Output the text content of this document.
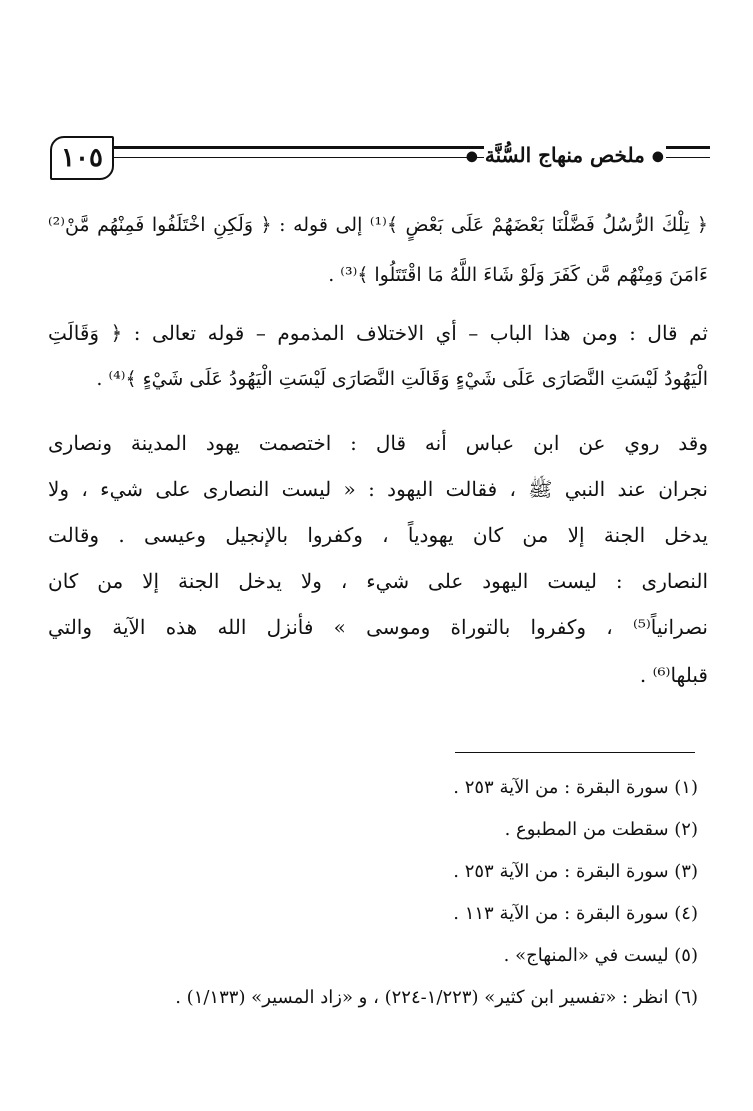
١٠٥	● ملخص منهاج السُّنَّة ●
﴿ تِلْكَ الرُّسُلُ فَضَّلْنَا بَعْضَهُمْ عَلَى بَعْضٍ ﴾⁽¹⁾ إلى قوله : ﴿ وَلَكِنِ اخْتَلَفُوا فَمِنْهُم مَّنْ⁽²⁾
ءَامَنَ وَمِنْهُم مَّن كَفَرَ وَلَوْ شَاءَ اللَّهُ مَا اقْتَتَلُوا ﴾⁽³⁾ .
ثم قال : ومن هذا الباب – أي الاختلاف المذموم – قوله تعالى : ﴿ وَقَالَتِ
الْيَهُودُ لَيْسَتِ النَّصَارَى عَلَى شَيْءٍ وَقَالَتِ النَّصَارَى لَيْسَتِ الْيَهُودُ عَلَى شَيْءٍ ﴾⁽⁴⁾ .
وقد روي عن ابن عباس أنه قال : اختصمت يهود المدينة ونصارى
نجران عند النبي ﷺ ، فقالت اليهود : « ليست النصارى على شيء ، ولا
يدخل الجنة إلا من كان يهودياً ، وكفروا بالإنجيل وعيسى . وقالت
النصارى : ليست اليهود على شيء ، ولا يدخل الجنة إلا من كان
نصرانياً⁽⁵⁾ ، وكفروا بالتوراة وموسى » فأنزل الله هذه الآية والتي
قبلها⁽⁶⁾ .
(١) سورة البقرة : من الآية ٢٥٣ .
(٢) سقطت من المطبوع .
(٣) سورة البقرة : من الآية ٢٥٣ .
(٤) سورة البقرة : من الآية ١١٣ .
(٥) ليست في «المنهاج» .
(٦) انظر : «تفسير ابن كثير» (١/٢٢٣-٢٢٤) ، و «زاد المسير» (١/١٣٣) .
